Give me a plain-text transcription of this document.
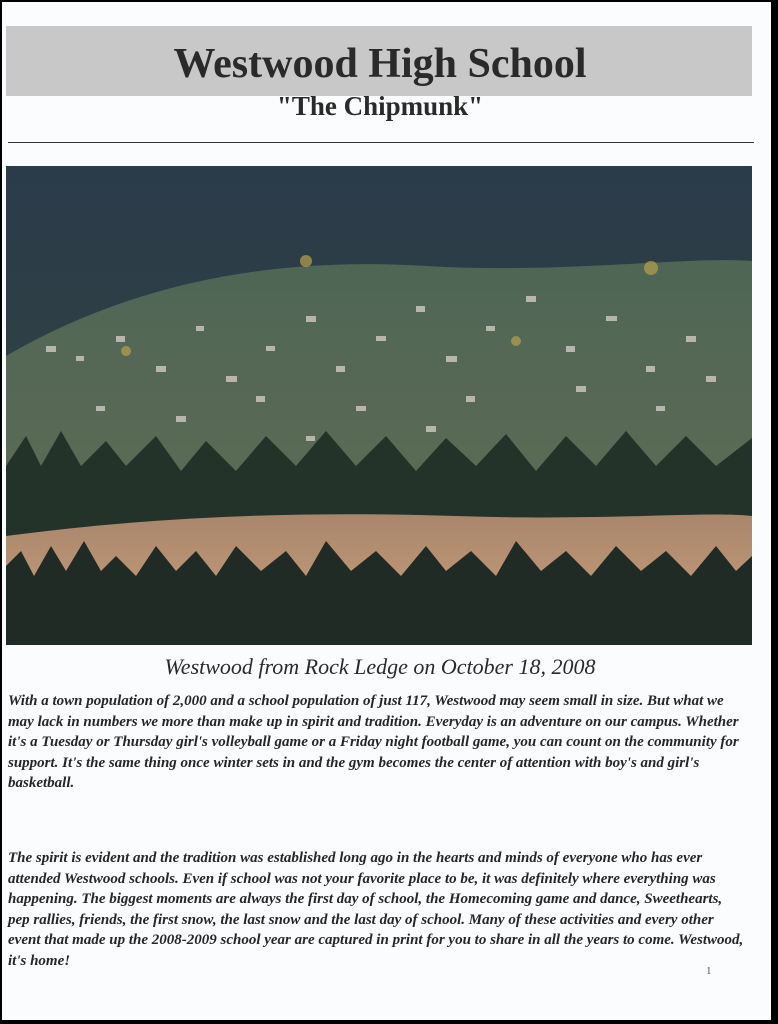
Westwood High School
"The Chipmunk"

Westwood from Rock Ledge on October 18, 2008

With a town population of 2,000 and a school population of just 117, Westwood may seem small in size. But what we may lack in numbers we more than make up in spirit and tradition. Everyday is an adventure on our campus. Whether it's a Tuesday or Thursday girl's volleyball game or a Friday night football game, you can count on the community for support. It's the same thing once winter sets in and the gym becomes the center of attention with boy's and girl's basketball.

The spirit is evident and the tradition was established long ago in the hearts and minds of everyone who has ever attended Westwood schools. Even if school was not your favorite place to be, it was definitely where everything was happening. The biggest moments are always the first day of school, the Homecoming game and dance, Sweethearts, pep rallies, friends, the first snow, the last snow and the last day of school. Many of these activities and every other event that made up the 2008-2009 school year are captured in print for you to share in all the years to come. Westwood, it's home!

1
